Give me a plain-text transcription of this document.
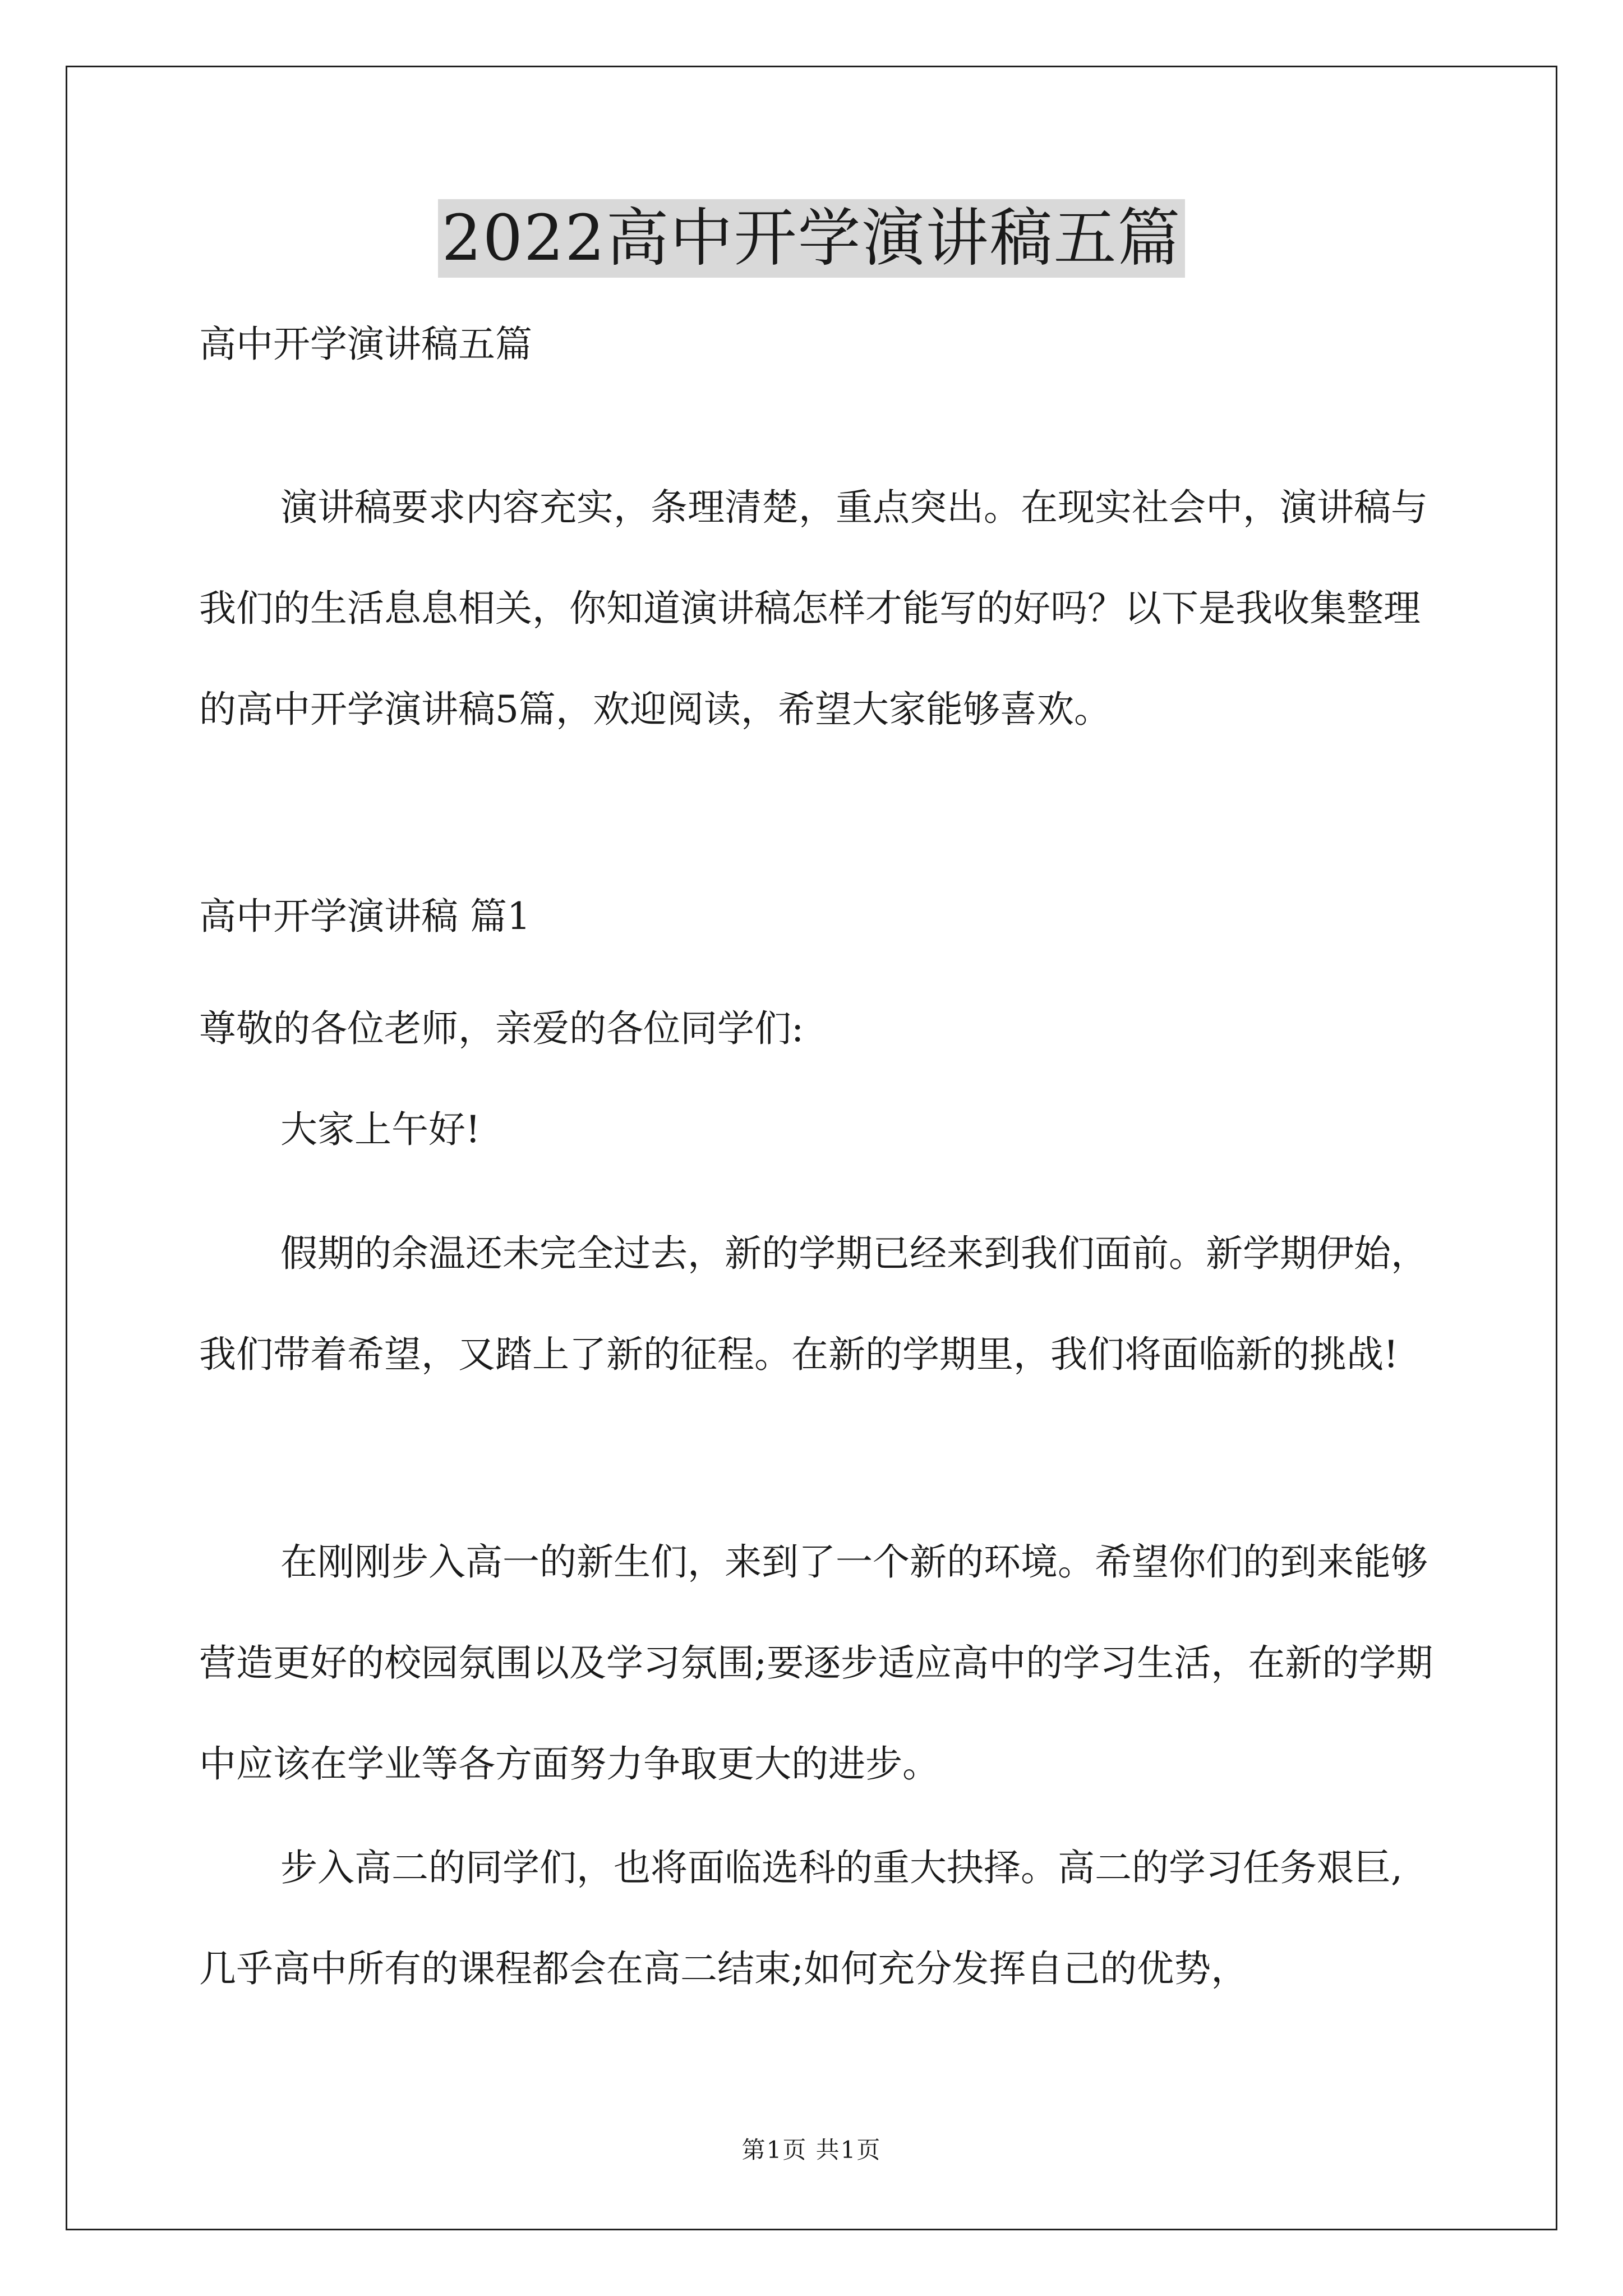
2022高中开学演讲稿五篇

高中开学演讲稿五篇

演讲稿要求内容充实，条理清楚，重点突出。在现实社会中，演讲稿与我们的生活息息相关，你知道演讲稿怎样才能写的好吗？以下是我收集整理的高中开学演讲稿5篇，欢迎阅读，希望大家能够喜欢。

高中开学演讲稿 篇1

尊敬的各位老师，亲爱的各位同学们:

大家上午好!

假期的余温还未完全过去，新的学期已经来到我们面前。新学期伊始，我们带着希望，又踏上了新的征程。在新的学期里，我们将面临新的挑战!

在刚刚步入高一的新生们，来到了一个新的环境。希望你们的到来能够营造更好的校园氛围以及学习氛围;要逐步适应高中的学习生活，在新的学期中应该在学业等各方面努力争取更大的进步。

步入高二的同学们，也将面临选科的重大抉择。高二的学习任务艰巨,几乎高中所有的课程都会在高二结束;如何充分发挥自己的优势，

第1页 共1页
